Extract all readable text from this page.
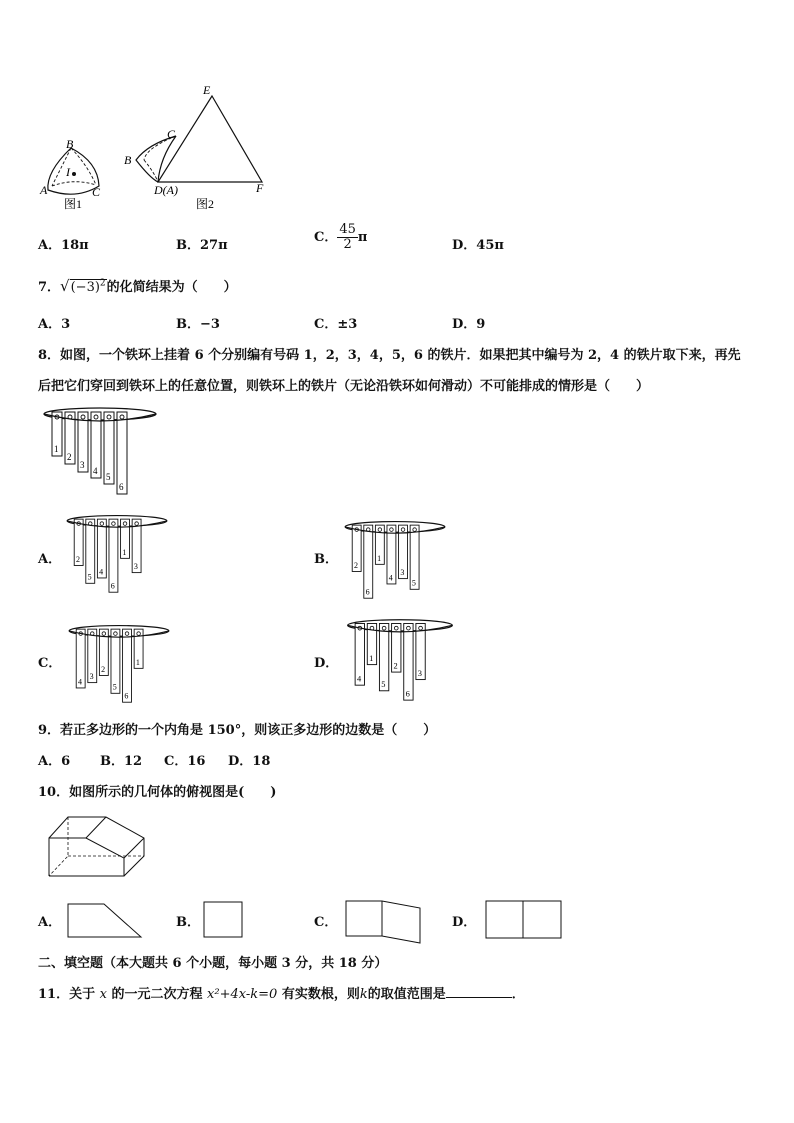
B
A	C
I
图1
E
C
B
D(A)	F
图2
A．18π	B．27π
C． $\frac{45}{2}$ π
D．45π
7．$√(-3)^2$的化简结果为（　　）
A．3	B．−3	C．±3	D．9
8．如图，一个铁环上挂着 6 个分别编有号码 1，2，3，4，5，6 的铁片．如果把其中编号为 2，4 的铁片取下来，再先
后把它们穿回到铁环上的任意位置，则铁环上的铁片（无论沿铁环如何滑动）不可能排成的情形是（　　）
1
2
3
4
5
6
A． 2
5
4
6
1
3	B． 2
6
1
4
3
5
C．
4
3
2
5
6
1	D．
4
1
5
2
6
3
9．若正多边形的一个内角是 150°，则该正多边形的边数是（　　）
A．6 B．12 C．16 D．18
10．如图所示的几何体的俯视图是(　　)
A．	B．	C．	D．
二、填空题（本大题共 6 个小题，每小题 3 分，共 18 分）
11．关于 x 的一元二次方程 x²+4x-k=0 有实数根，则k的取值范围是	．
